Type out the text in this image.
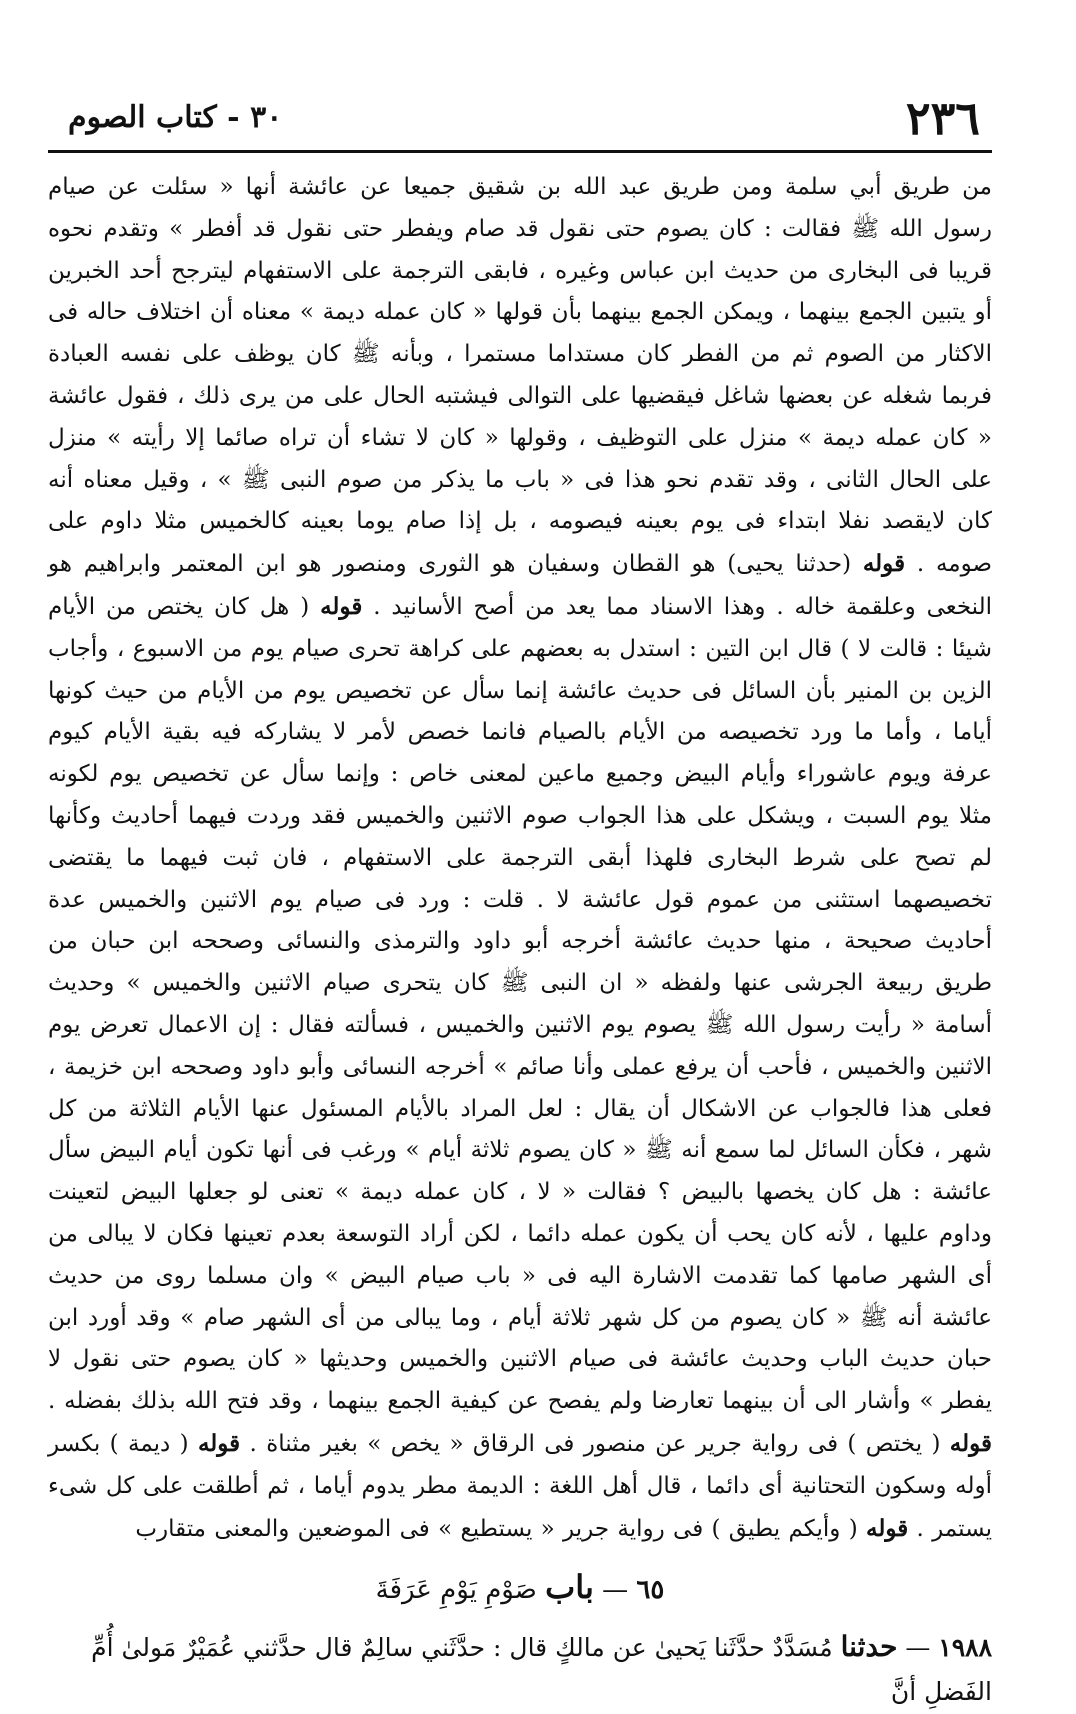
٢٣٦
٣٠ - كتاب الصوم

من طريق أبي سلمة ومن طريق عبد الله بن شقيق جميعا عن عائشة أنها « سئلت عن صيام رسول الله ﷺ فقالت : كان يصوم حتى نقول قد صام ويفطر حتى نقول قد أفطر » وتقدم نحوه قريبا فى البخارى من حديث ابن عباس وغيره ، فابقى الترجمة على الاستفهام ليترجح أحد الخبرين أو يتبين الجمع بينهما ، ويمكن الجمع بينهما بأن قولها « كان عمله ديمة » معناه أن اختلاف حاله فى الاكثار من الصوم ثم من الفطر كان مستداما مستمرا ، وبأنه ﷺ كان يوظف على نفسه العبادة فربما شغله عن بعضها شاغل فيقضيها على التوالى فيشتبه الحال على من يرى ذلك ، فقول عائشة « كان عمله ديمة » منزل على التوظيف ، وقولها « كان لا تشاء أن تراه صائما إلا رأيته » منزل على الحال الثانى ، وقد تقدم نحو هذا فى « باب ما يذكر من صوم النبى ﷺ » ، وقيل معناه أنه كان لايقصد نفلا ابتداء فى يوم بعينه فيصومه ، بل إذا صام يوما بعينه كالخميس مثلا داوم على صومه . قوله (حدثنا يحيى) هو القطان وسفيان هو الثورى ومنصور هو ابن المعتمر وابراهيم هو النخعى وعلقمة خاله . وهذا الاسناد مما يعد من أصح الأسانيد . قوله ( هل كان يختص من الأيام شيئا : قالت لا ) قال ابن التين : استدل به بعضهم على كراهة تحرى صيام يوم من الاسبوع ، وأجاب الزين بن المنير بأن السائل فى حديث عائشة إنما سأل عن تخصيص يوم من الأيام من حيث كونها أياما ، وأما ما ورد تخصيصه من الأيام بالصيام فانما خصص لأمر لا يشاركه فيه بقية الأيام كيوم عرفة ويوم عاشوراء وأيام البيض وجميع ماعين لمعنى خاص : وإنما سأل عن تخصيص يوم لكونه مثلا يوم السبت ، ويشكل على هذا الجواب صوم الاثنين والخميس فقد وردت فيهما أحاديث وكأنها لم تصح على شرط البخارى فلهذا أبقى الترجمة على الاستفهام ، فان ثبت فيهما ما يقتضى تخصيصهما استثنى من عموم قول عائشة لا . قلت : ورد فى صيام يوم الاثنين والخميس عدة أحاديث صحيحة ، منها حديث عائشة أخرجه أبو داود والترمذى والنسائى وصححه ابن حبان من طريق ربيعة الجرشى عنها ولفظه « ان النبى ﷺ كان يتحرى صيام الاثنين والخميس » وحديث أسامة « رأيت رسول الله ﷺ يصوم يوم الاثنين والخميس ، فسألته فقال : إن الاعمال تعرض يوم الاثنين والخميس ، فأحب أن يرفع عملى وأنا صائم » أخرجه النسائى وأبو داود وصححه ابن خزيمة ، فعلى هذا فالجواب عن الاشكال أن يقال : لعل المراد بالأيام المسئول عنها الأيام الثلاثة من كل شهر ، فكأن السائل لما سمع أنه ﷺ « كان يصوم ثلاثة أيام » ورغب فى أنها تكون أيام البيض سأل عائشة : هل كان يخصها بالبيض ؟ فقالت « لا ، كان عمله ديمة » تعنى لو جعلها البيض لتعينت وداوم عليها ، لأنه كان يحب أن يكون عمله دائما ، لكن أراد التوسعة بعدم تعينها فكان لا يبالى من أى الشهر صامها كما تقدمت الاشارة اليه فى « باب صيام البيض » وان مسلما روى من حديث عائشة أنه ﷺ « كان يصوم من كل شهر ثلاثة أيام ، وما يبالى من أى الشهر صام » وقد أورد ابن حبان حديث الباب وحديث عائشة فى صيام الاثنين والخميس وحديثها « كان يصوم حتى نقول لا يفطر » وأشار الى أن بينهما تعارضا ولم يفصح عن كيفية الجمع بينهما ، وقد فتح الله بذلك بفضله . قوله ( يختص ) فى رواية جرير عن منصور فى الرقاق « يخص » بغير مثناة . قوله ( ديمة ) بكسر أوله وسكون التحتانية أى دائما ، قال أهل اللغة : الديمة مطر يدوم أياما ، ثم أطلقت على كل شىء يستمر . قوله ( وأيكم يطيق ) فى رواية جرير « يستطيع » فى الموضعين والمعنى متقارب

٦٥ — باب صَوْمِ يَوْمِ عَرَفَةَ
١٩٨٨ — حدثنا مُسَدَّدٌ حدَّثَنا يَحيىٰ عن مالكٍ قال : حدَّثَني سالِمٌ قال حدَّثني عُمَيْرٌ مَولىٰ أُمِّ الفَضلِ أنَّ
